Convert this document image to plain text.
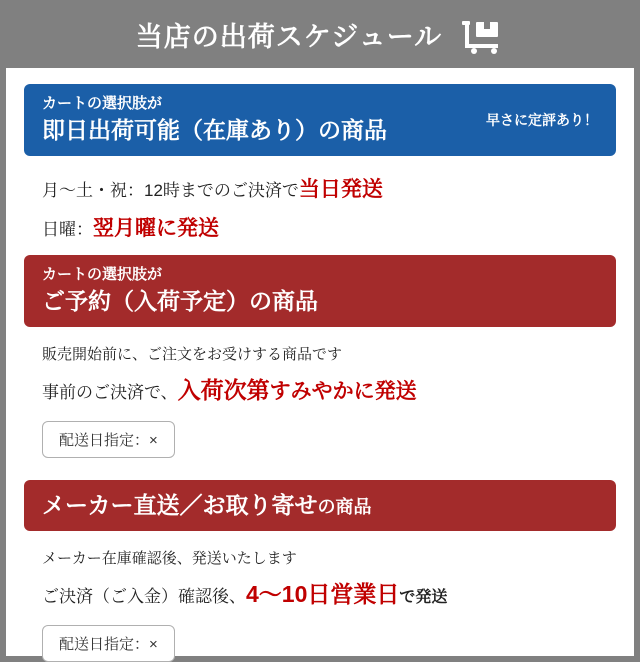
当店の出荷スケジュール
カートの選択肢が
即日出荷可能（在庫あり）の商品	早さに定評あり！
月〜土・祝：12時までのご決済で当日発送
日曜：翌月曜に発送
カートの選択肢が
ご予約（入荷予定）の商品
販売開始前に、ご注文をお受けする商品です
事前のご決済で、入荷次第すみやかに発送
配送日指定：×
メーカー直送／お取り寄せの商品
メーカー在庫確認後、発送いたします
ご決済（ご入金）確認後、4〜10日営業日で発送
配送日指定：×
